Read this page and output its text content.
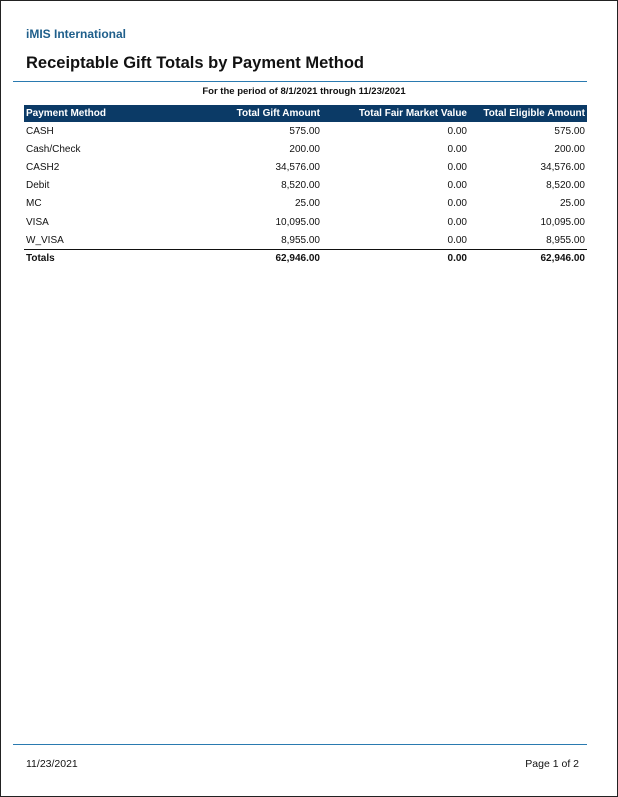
iMIS International
Receiptable Gift Totals by Payment Method
For the period of 8/1/2021 through 11/23/2021
Payment Method	Total Gift Amount	Total Fair Market Value	Total Eligible Amount
CASH	575.00	0.00	575.00
Cash/Check	200.00	0.00	200.00
CASH2	34,576.00	0.00	34,576.00
Debit	8,520.00	0.00	8,520.00
MC	25.00	0.00	25.00
VISA	10,095.00	0.00	10,095.00
W_VISA	8,955.00	0.00	8,955.00
Totals	62,946.00	0.00	62,946.00
11/23/2021	Page 1 of 2
